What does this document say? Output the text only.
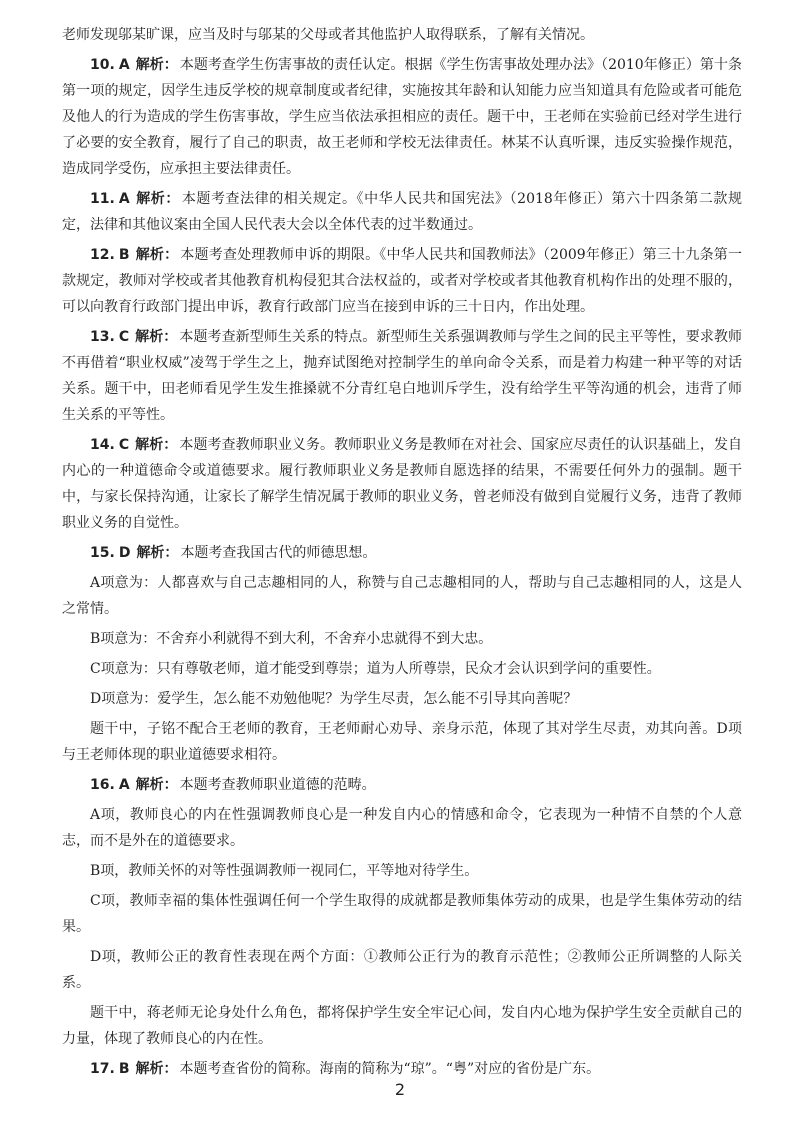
老师发现邬某旷课，应当及时与邬某的父母或者其他监护人取得联系，了解有关情况。

10. A 解析： 本题考查学生伤害事故的责任认定。根据《学生伤害事故处理办法》（2010年修正）第十条第一项的规定，因学生违反学校的规章制度或者纪律，实施按其年龄和认知能力应当知道具有危险或者可能危及他人的行为造成的学生伤害事故，学生应当依法承担相应的责任。题干中，王老师在实验前已经对学生进行了必要的安全教育，履行了自己的职责，故王老师和学校无法律责任。林某不认真听课，违反实验操作规范，造成同学受伤，应承担主要法律责任。

11. A 解析： 本题考查法律的相关规定。《中华人民共和国宪法》（2018年修正）第六十四条第二款规定，法律和其他议案由全国人民代表大会以全体代表的过半数通过。

12. B 解析： 本题考查处理教师申诉的期限。《中华人民共和国教师法》（2009年修正）第三十九条第一款规定，教师对学校或者其他教育机构侵犯其合法权益的，或者对学校或者其他教育机构作出的处理不服的，可以向教育行政部门提出申诉，教育行政部门应当在接到申诉的三十日内，作出处理。

13. C 解析： 本题考查新型师生关系的特点。新型师生关系强调教师与学生之间的民主平等性，要求教师不再借着“职业权威”凌驾于学生之上，抛弃试图绝对控制学生的单向命令关系，而是着力构建一种平等的对话关系。题干中，田老师看见学生发生推搡就不分青红皂白地训斥学生，没有给学生平等沟通的机会，违背了师生关系的平等性。

14. C 解析： 本题考查教师职业义务。教师职业义务是教师在对社会、国家应尽责任的认识基础上，发自内心的一种道德命令或道德要求。履行教师职业义务是教师自愿选择的结果，不需要任何外力的强制。题干中，与家长保持沟通，让家长了解学生情况属于教师的职业义务，曾老师没有做到自觉履行义务，违背了教师职业义务的自觉性。

15. D 解析： 本题考查我国古代的师德思想。

A项意为：人都喜欢与自己志趣相同的人，称赞与自己志趣相同的人，帮助与自己志趣相同的人，这是人之常情。

B项意为：不舍弃小利就得不到大利，不舍弃小忠就得不到大忠。

C项意为：只有尊敬老师，道才能受到尊崇；道为人所尊崇，民众才会认识到学问的重要性。

D项意为：爱学生，怎么能不劝勉他呢？为学生尽责，怎么能不引导其向善呢？

题干中，子铭不配合王老师的教育，王老师耐心劝导、亲身示范，体现了其对学生尽责，劝其向善。D项与王老师体现的职业道德要求相符。

16. A 解析： 本题考查教师职业道德的范畴。

A项，教师良心的内在性强调教师良心是一种发自内心的情感和命令，它表现为一种情不自禁的个人意志，而不是外在的道德要求。

B项，教师关怀的对等性强调教师一视同仁，平等地对待学生。

C项，教师幸福的集体性强调任何一个学生取得的成就都是教师集体劳动的成果，也是学生集体劳动的结果。

D项，教师公正的教育性表现在两个方面：①教师公正行为的教育示范性；②教师公正所调整的人际关系。

题干中，蒋老师无论身处什么角色，都将保护学生安全牢记心间，发自内心地为保护学生安全贡献自己的力量，体现了教师良心的内在性。

17. B 解析： 本题考查省份的简称。海南的简称为“琼”。“粤”对应的省份是广东。

2
